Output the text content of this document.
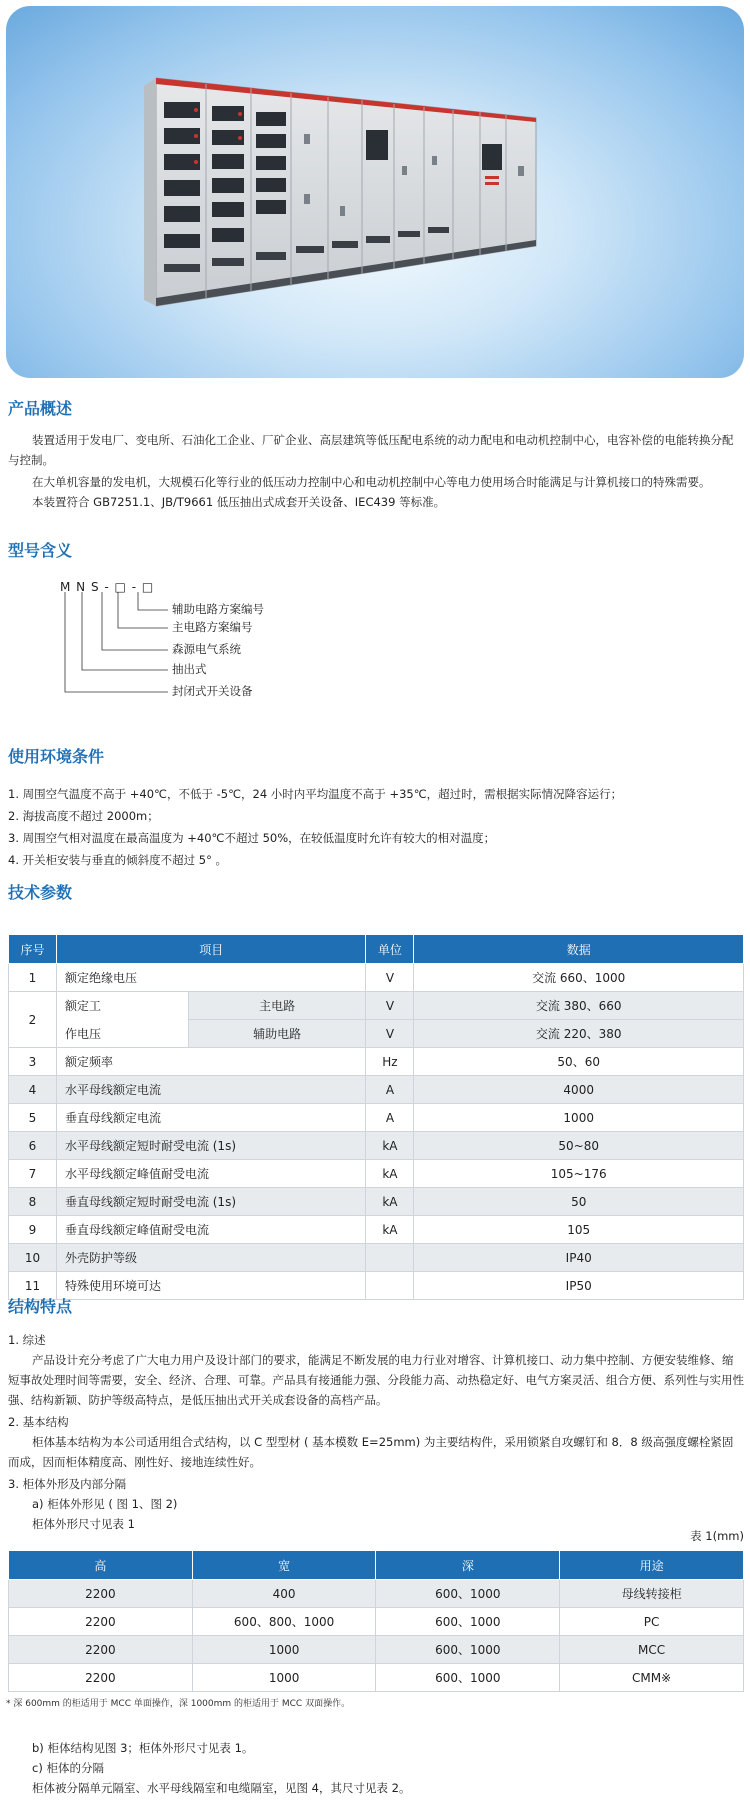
产品概述

装置适用于发电厂、变电所、石油化工企业、厂矿企业、高层建筑等低压配电系统的动力配电和电动机控制中心，电容补偿的电能转换分配与控制。

在大单机容量的发电机，大规模石化等行业的低压动力控制中心和电动机控制中心等电力使用场合时能满足与计算机接口的特殊需要。

本装置符合 GB7251.1、JB/T9661 低压抽出式成套开关设备、IEC439 等标准。

型号含义
M N S - □ - □
辅助电路方案编号
主电路方案编号
森源电气系统
抽出式
封闭式开关设备
使用环境条件
1. 周围空气温度不高于 +40℃，不低于 -5℃，24 小时内平均温度不高于 +35℃，超过时，需根据实际情况降容运行；
2. 海拔高度不超过 2000m；
3. 周围空气相对温度在最高温度为 +40℃不超过 50%，在较低温度时允许有较大的相对温度；
4. 开关柜安装与垂直的倾斜度不超过 5° 。
技术参数
序号	项目		单位	数据
1	额定绝缘电压		V	交流 660、1000
2	额定工	主电路	V	交流 380、660
	作电压	辅助电路	V	交流 220、380
3	额定频率		Hz	50、60
4	水平母线额定电流		A	4000
5	垂直母线额定电流		A	1000
6	水平母线额定短时耐受电流 (1s)		kA	50~80
7	水平母线额定峰值耐受电流		kA	105~176
8	垂直母线额定短时耐受电流 (1s)		kA	50
9	垂直母线额定峰值耐受电流		kA	105
10	外壳防护等级			IP40
11	特殊使用环境可达			IP50
结构特点
1. 综述

产品设计充分考虑了广大电力用户及设计部门的要求，能满足不断发展的电力行业对增容、计算机接口、动力集中控制、方便安装维修、缩短事故处理时间等需要，安全、经济、合理、可靠。产品具有接通能力强、分段能力高、动热稳定好、电气方案灵活、组合方便、系列性与实用性强、结构新颖、防护等级高特点，是低压抽出式开关成套设备的高档产品。

2. 基本结构

柜体基本结构为本公司适用组合式结构，以 C 型型材 ( 基本模数 E=25mm) 为主要结构件，采用锁紧自攻螺钉和 8．8 级高强度螺栓紧固而成，因而柜体精度高、刚性好、接地连续性好。

3. 柜体外形及内部分隔
a) 柜体外形见 ( 图 1、图 2)
柜体外形尺寸见表 1
表 1(mm)
高	宽	深	用途
2200	400	600、1000	母线转接柜
2200	600、800、1000	600、1000	PC
2200	1000	600、1000	MCC
2200	1000	600、1000	CMM※
* 深 600mm 的柜适用于 MCC 单面操作，深 1000mm 的柜适用于 MCC 双面操作。
b) 柜体结构见图 3；柜体外形尺寸见表 1。
c) 柜体的分隔
柜体被分隔单元隔室、水平母线隔室和电缆隔室，见图 4，其尺寸见表 2。
